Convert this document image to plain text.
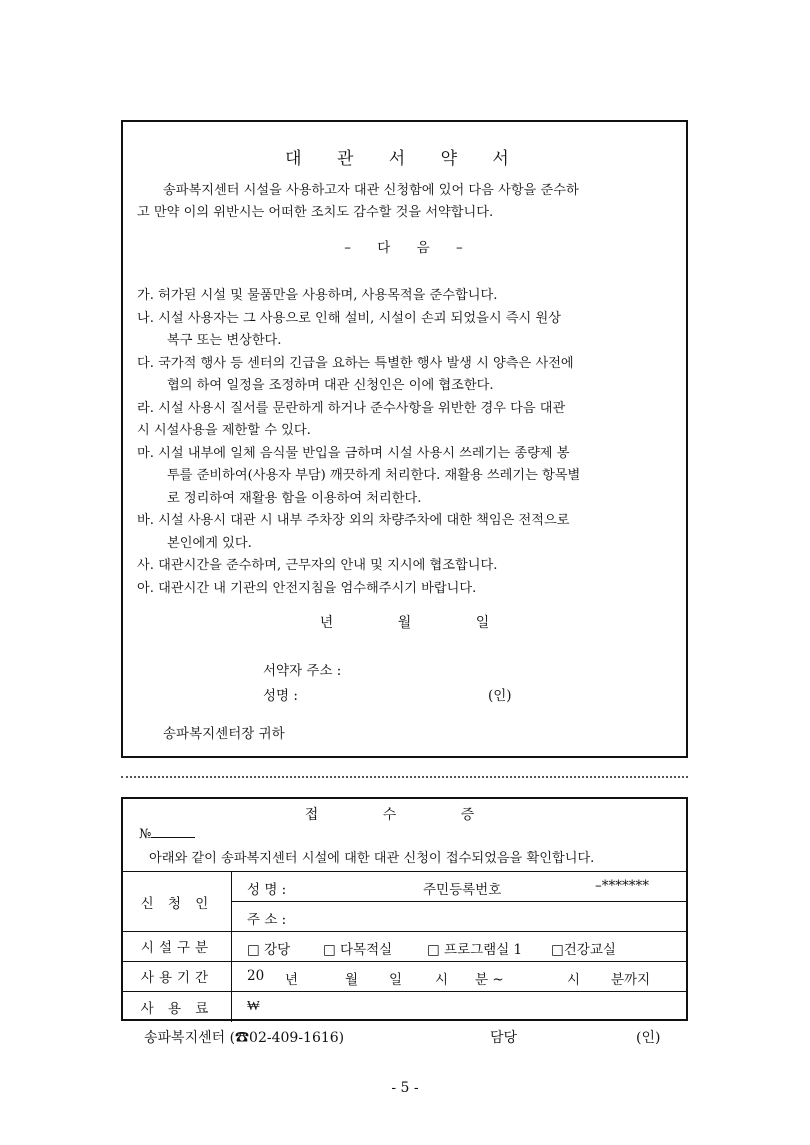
대 관 서 약 서
송파복지센터 시설을 사용하고자 대관 신청함에 있어 다음 사항을 준수하
고 만약 이의 위반시는 어떠한 조치도 감수할 것을 서약합니다.
– 다 음 –
가. 허가된 시설 및 물품만을 사용하며, 사용목적을 준수합니다.
나. 시설 사용자는 그 사용으로 인해 설비, 시설이 손괴 되었을시 즉시 원상
복구 또는 변상한다.
다. 국가적 행사 등 센터의 긴급을 요하는 특별한 행사 발생 시 양측은 사전에
협의 하여 일정을 조정하며 대관 신청인은 이에 협조한다.
라. 시설 사용시 질서를 문란하게 하거나 준수사항을 위반한 경우 다음 대관
시 시설사용을 제한할 수 있다.
마. 시설 내부에 일체 음식물 반입을 금하며 시설 사용시 쓰레기는 종량제 봉
투를 준비하여(사용자 부담) 깨끗하게 처리한다. 재활용 쓰레기는 항목별
로 정리하여 재활용 함을 이용하여 처리한다.
바. 시설 사용시 대관 시 내부 주차장 외의 차량주차에 대한 책임은 전적으로
본인에게 있다.
사. 대관시간을 준수하며, 근무자의 안내 및 지시에 협조합니다.
아. 대관시간 내 기관의 안전지침을 엄수해주시기 바랍니다.
년 월 일
서약자 주소 :
성명 :	(인)
송파복지센터장 귀하
접 수 증
№
아래와 같이 송파복지센터 시설에 대한 대관 신청이 접수되었음을 확인합니다.
신 청 인
성 명 :	주민등록번호	–*******
주 소 :
시설구분	□ 강당 □ 다목적실	□ 프로그램실 1 □건강교실
사용기간	20 년	월 일 시 분 ~	시 분까지
사 용 료	₩
송파복지센터 (☎02-409-1616)	담당	(인)
- 5 -
